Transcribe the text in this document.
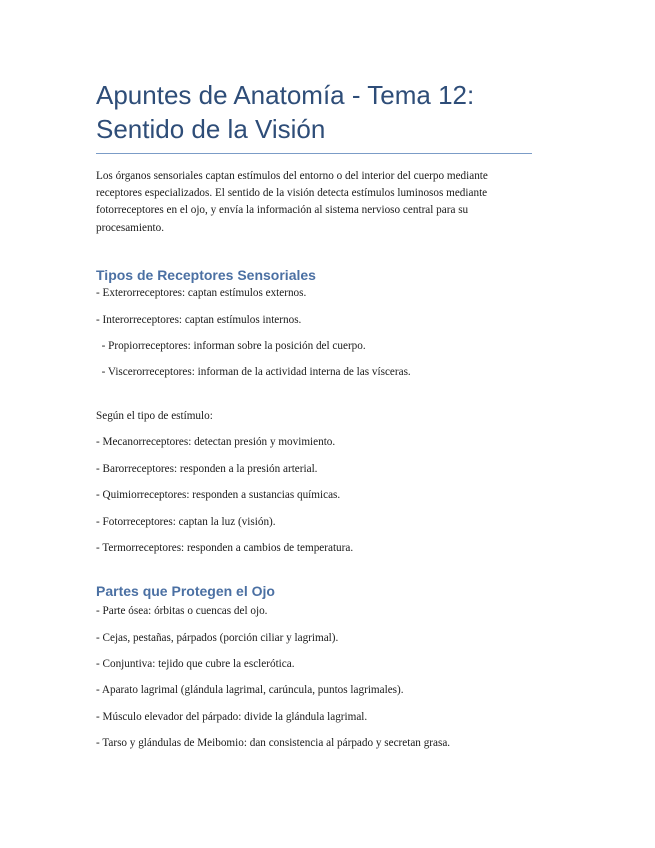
Apuntes de Anatomía - Tema 12:
Sentido de la Visión

Los órganos sensoriales captan estímulos del entorno o del interior del cuerpo mediante receptores especializados. El sentido de la visión detecta estímulos luminosos mediante fotorreceptores en el ojo, y envía la información al sistema nervioso central para su procesamiento.

Tipos de Receptores Sensoriales
- Exterorreceptores: captan estímulos externos.
- Interorreceptores: captan estímulos internos.
- Propiorreceptores: informan sobre la posición del cuerpo.
- Viscerorreceptores: informan de la actividad interna de las vísceras.
Según el tipo de estímulo:
- Mecanorreceptores: detectan presión y movimiento.
- Barorreceptores: responden a la presión arterial.
- Quimiorreceptores: responden a sustancias químicas.
- Fotorreceptores: captan la luz (visión).
- Termorreceptores: responden a cambios de temperatura.
Partes que Protegen el Ojo
- Parte ósea: órbitas o cuencas del ojo.
- Cejas, pestañas, párpados (porción ciliar y lagrimal).
- Conjuntiva: tejido que cubre la esclerótica.
- Aparato lagrimal (glándula lagrimal, carúncula, puntos lagrimales).
- Músculo elevador del párpado: divide la glándula lagrimal.
- Tarso y glándulas de Meibomio: dan consistencia al párpado y secretan grasa.
